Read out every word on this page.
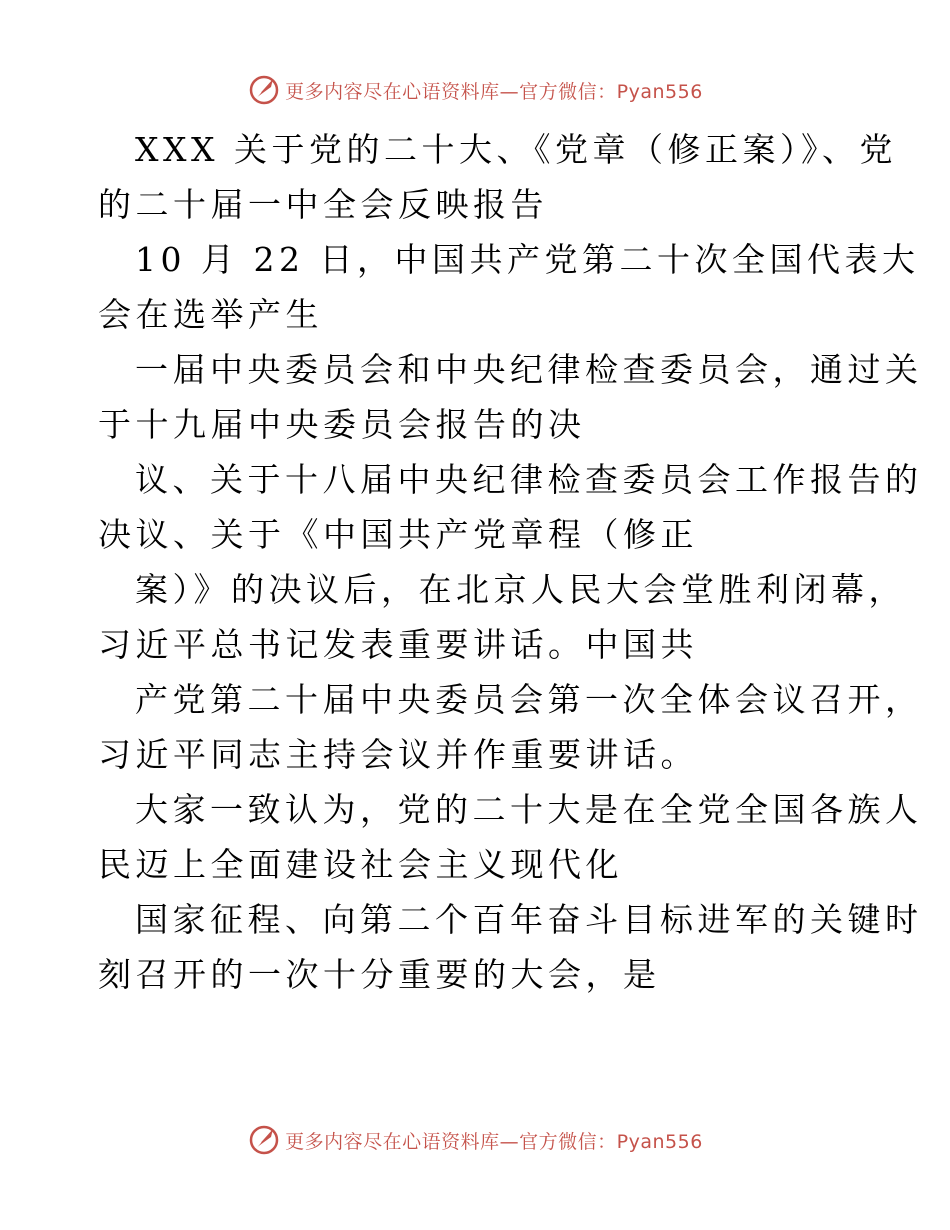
更多内容尽在心语资料库—官方微信：Pyan556
XXX 关于党的二十大、《党章（修正案）》、党
的二十届一中全会反映报告
10 月 22 日，中国共产党第二十次全国代表大
会在选举产生
一届中央委员会和中央纪律检查委员会，通过关
于十九届中央委员会报告的决
议、关于十八届中央纪律检查委员会工作报告的
决议、关于《中国共产党章程（修正
案）》的决议后，在北京人民大会堂胜利闭幕，
习近平总书记发表重要讲话。中国共
产党第二十届中央委员会第一次全体会议召开，
习近平同志主持会议并作重要讲话。
大家一致认为，党的二十大是在全党全国各族人
民迈上全面建设社会主义现代化
国家征程、向第二个百年奋斗目标进军的关键时
刻召开的一次十分重要的大会，是
更多内容尽在心语资料库—官方微信：Pyan556
